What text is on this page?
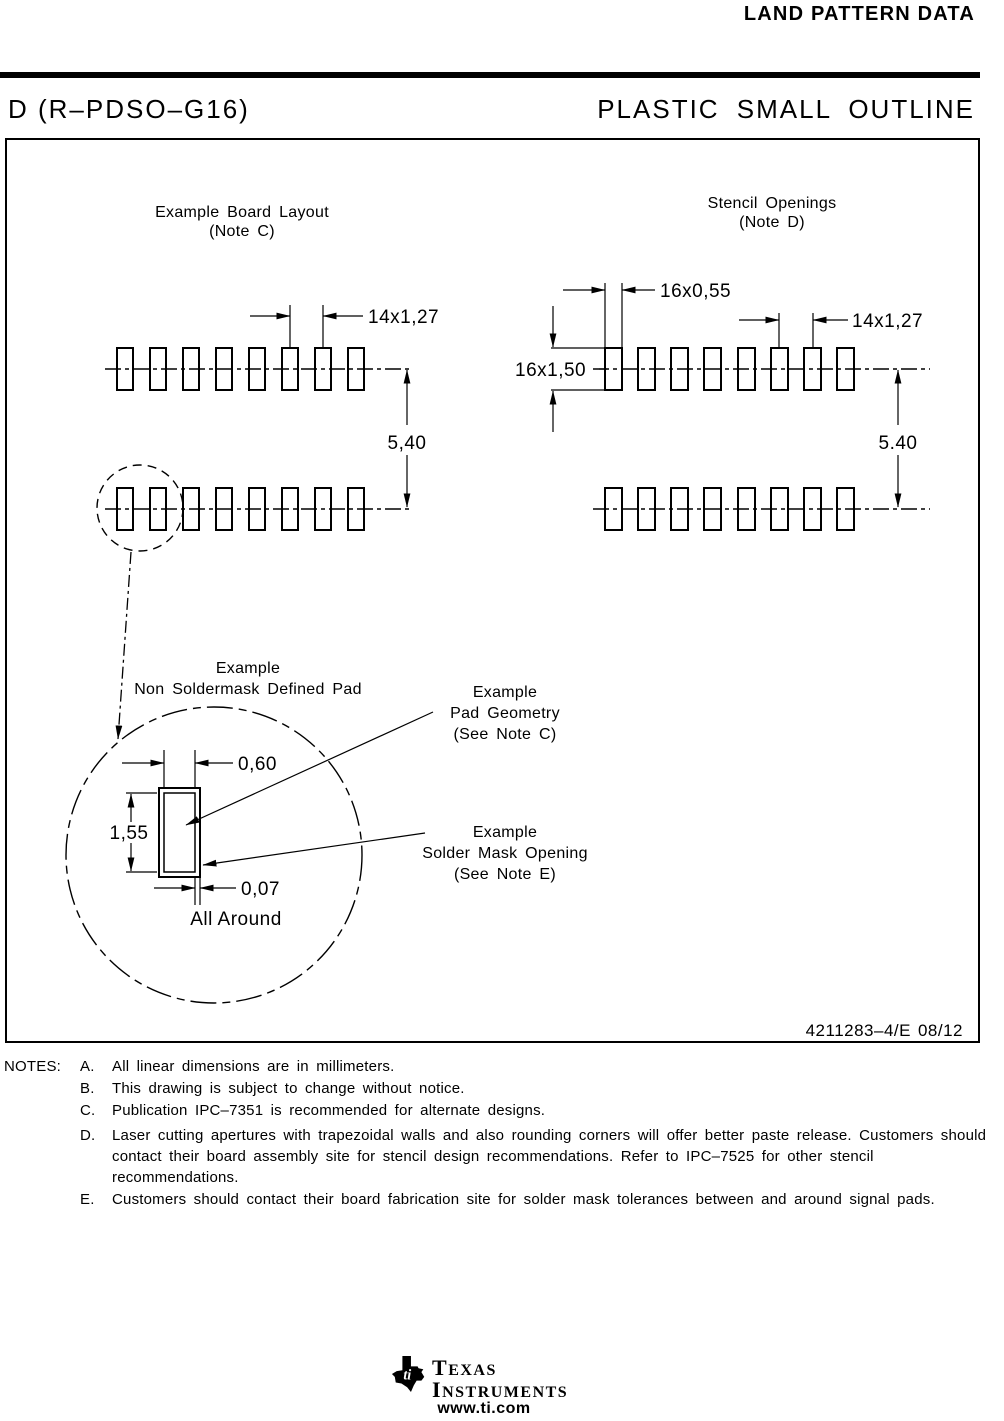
LAND PATTERN DATA
D (R–PDSO–G16)	PLASTIC SMALL OUTLINE
Example Board Layout
(Note C)
14x1,27
5,40
Stencil Openings
(Note D)
16x0,55
16x1,50
14x1,27
5.40
Example
Non Soldermask Defined Pad
0,60
1,55
0,07
All Around
Example
Pad Geometry
(See Note C)
Example
Solder Mask Opening
(See Note E)
4211283–4/E 08/12
NOTES: A.	All linear dimensions are in millimeters.
B.	This drawing is subject to change without notice.
C.	Publication IPC–7351 is recommended for alternate designs.
D.	Laser cutting apertures with trapezoidal walls and also rounding corners will offer better paste release. Customers should contact their board assembly site for stencil design recommendations. Refer to IPC–7525 for other stencil recommendations.
E.	Customers should contact their board fabrication site for solder mask tolerances between and around signal pads.
ti TEXAS
INSTRUMENTS
www.ti.com
